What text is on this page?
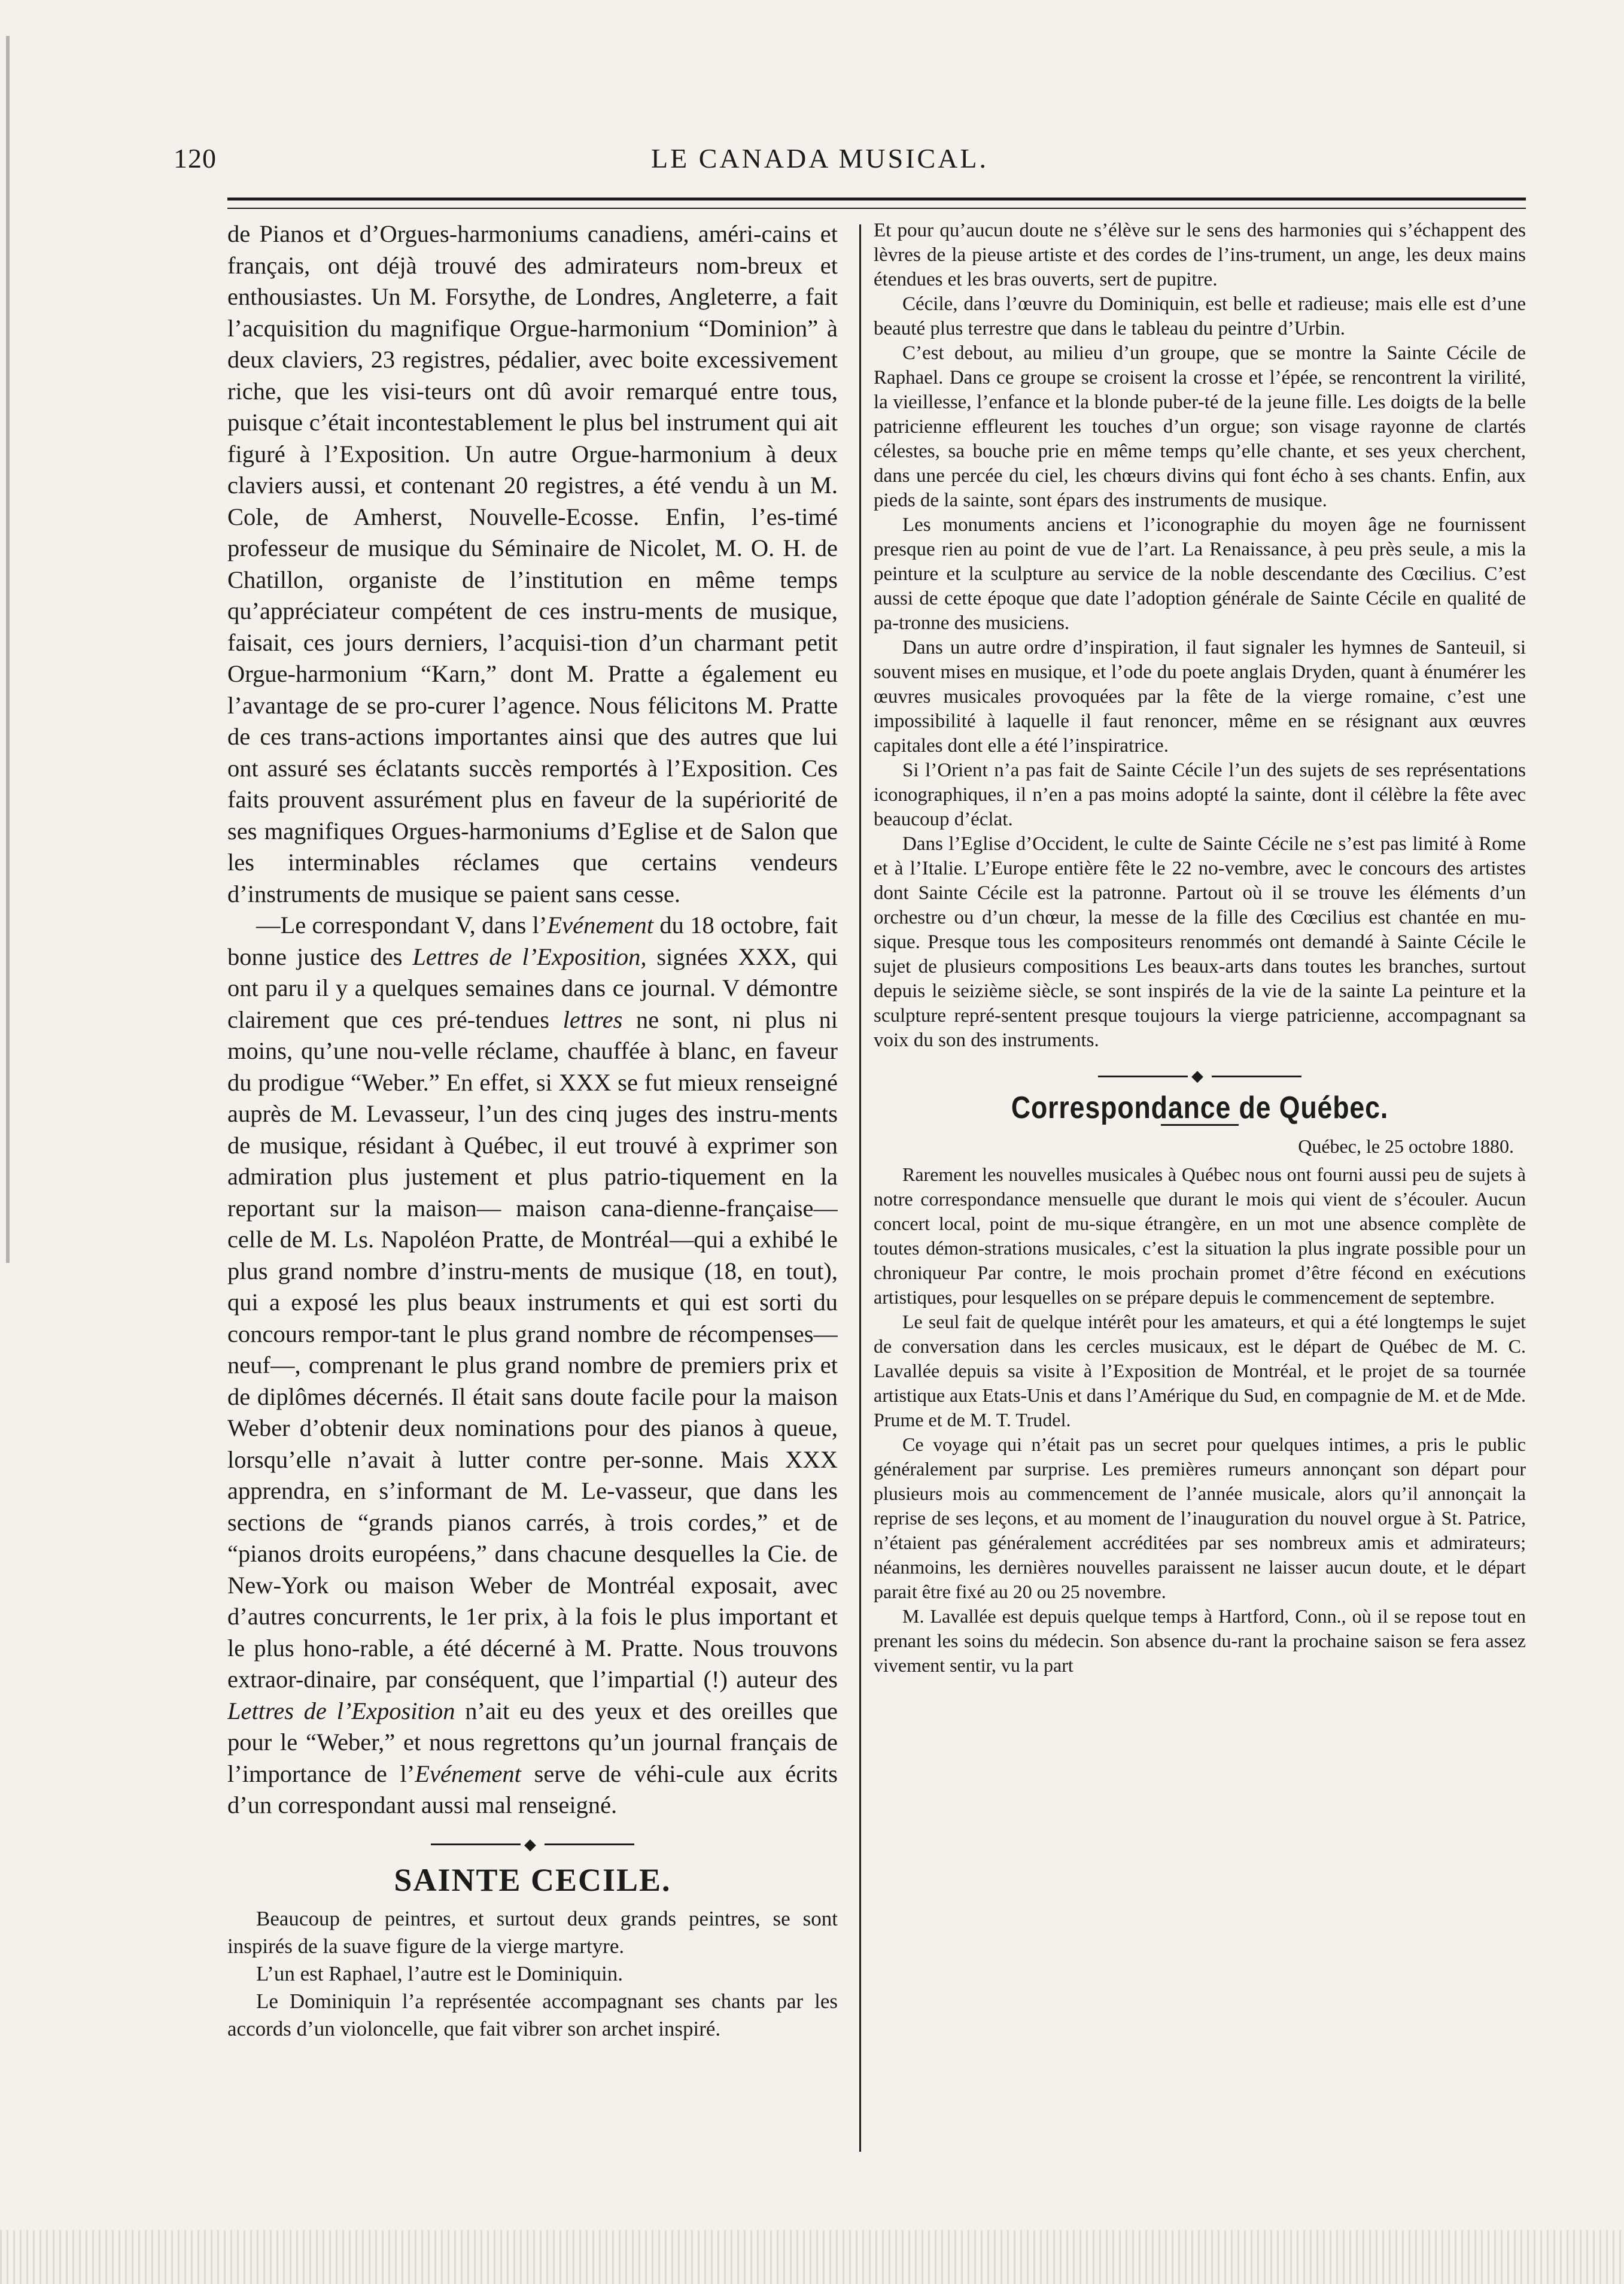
120	LE CANADA MUSICAL.

de Pianos et d’Orgues-harmoniums canadiens, améri-cains et français, ont déjà trouvé des admirateurs nom-breux et enthousiastes. Un M. Forsythe, de Londres, Angleterre, a fait l’acquisition du magnifique Orgue-harmonium “Dominion” à deux claviers, 23 registres, pédalier, avec boite excessivement riche, que les visi-teurs ont dû avoir remarqué entre tous, puisque c’était incontestablement le plus bel instrument qui ait figuré à l’Exposition. Un autre Orgue-harmonium à deux claviers aussi, et contenant 20 registres, a été vendu à un M. Cole, de Amherst, Nouvelle-Ecosse. Enfin, l’es-timé professeur de musique du Séminaire de Nicolet, M. O. H. de Chatillon, organiste de l’institution en même temps qu’appréciateur compétent de ces instru-ments de musique, faisait, ces jours derniers, l’acquisi-tion d’un charmant petit Orgue-harmonium “Karn,” dont M. Pratte a également eu l’avantage de se pro-curer l’agence. Nous félicitons M. Pratte de ces trans-actions importantes ainsi que des autres que lui ont assuré ses éclatants succès remportés à l’Exposition. Ces faits prouvent assurément plus en faveur de la supériorité de ses magnifiques Orgues-harmoniums d’Eglise et de Salon que les interminables réclames que certains vendeurs d’instruments de musique se paient sans cesse.

—Le correspondant V, dans l’Evénement du 18 octobre, fait bonne justice des Lettres de l’Exposition, signées XXX, qui ont paru il y a quelques semaines dans ce journal. V démontre clairement que ces pré-tendues lettres ne sont, ni plus ni moins, qu’une nou-velle réclame, chauffée à blanc, en faveur du prodigue “Weber.” En effet, si XXX se fut mieux renseigné auprès de M. Levasseur, l’un des cinq juges des instru-ments de musique, résidant à Québec, il eut trouvé à exprimer son admiration plus justement et plus patrio-tiquement en la reportant sur la maison— maison cana-dienne-française—celle de M. Ls. Napoléon Pratte, de Montréal—qui a exhibé le plus grand nombre d’instru-ments de musique (18, en tout), qui a exposé les plus beaux instruments et qui est sorti du concours rempor-tant le plus grand nombre de récompenses—neuf—, comprenant le plus grand nombre de premiers prix et de diplômes décernés. Il était sans doute facile pour la maison Weber d’obtenir deux nominations pour des pianos à queue, lorsqu’elle n’avait à lutter contre per-sonne. Mais XXX apprendra, en s’informant de M. Le-vasseur, que dans les sections de “grands pianos carrés, à trois cordes,” et de “pianos droits européens,” dans chacune desquelles la Cie. de New-York ou maison Weber de Montréal exposait, avec d’autres concurrents, le 1er prix, à la fois le plus important et le plus hono-rable, a été décerné à M. Pratte. Nous trouvons extraor-dinaire, par conséquent, que l’impartial (!) auteur des Lettres de l’Exposition n’ait eu des yeux et des oreilles que pour le “Weber,” et nous regrettons qu’un journal français de l’importance de l’Evénement serve de véhi-cule aux écrits d’un correspondant aussi mal renseigné.

◆
SAINTE CECILE.

Beaucoup de peintres, et surtout deux grands peintres, se sont inspirés de la suave figure de la vierge martyre.

L’un est Raphael, l’autre est le Dominiquin.

Le Dominiquin l’a représentée accompagnant ses chants par les accords d’un violoncelle, que fait vibrer son archet inspiré.

Et pour qu’aucun doute ne s’élève sur le sens des harmonies qui s’échappent des lèvres de la pieuse artiste et des cordes de l’ins-trument, un ange, les deux mains étendues et les bras ouverts, sert de pupitre.

Cécile, dans l’œuvre du Dominiquin, est belle et radieuse; mais elle est d’une beauté plus terrestre que dans le tableau du peintre d’Urbin.

C’est debout, au milieu d’un groupe, que se montre la Sainte Cécile de Raphael. Dans ce groupe se croisent la crosse et l’épée, se rencontrent la virilité, la vieillesse, l’enfance et la blonde puber-té de la jeune fille. Les doigts de la belle patricienne effleurent les touches d’un orgue; son visage rayonne de clartés célestes, sa bouche prie en même temps qu’elle chante, et ses yeux cherchent, dans une percée du ciel, les chœurs divins qui font écho à ses chants. Enfin, aux pieds de la sainte, sont épars des instruments de musique.

Les monuments anciens et l’iconographie du moyen âge ne fournissent presque rien au point de vue de l’art. La Renaissance, à peu près seule, a mis la peinture et la sculpture au service de la noble descendante des Cœcilius. C’est aussi de cette époque que date l’adoption générale de Sainte Cécile en qualité de pa-tronne des musiciens.

Dans un autre ordre d’inspiration, il faut signaler les hymnes de Santeuil, si souvent mises en musique, et l’ode du poete anglais Dryden, quant à énumérer les œuvres musicales provoquées par la fête de la vierge romaine, c’est une impossibilité à laquelle il faut renoncer, même en se résignant aux œuvres capitales dont elle a été l’inspiratrice.

Si l’Orient n’a pas fait de Sainte Cécile l’un des sujets de ses représentations iconographiques, il n’en a pas moins adopté la sainte, dont il célèbre la fête avec beaucoup d’éclat.

Dans l’Eglise d’Occident, le culte de Sainte Cécile ne s’est pas limité à Rome et à l’Italie. L’Europe entière fête le 22 no-vembre, avec le concours des artistes dont Sainte Cécile est la patronne. Partout où il se trouve les éléments d’un orchestre ou d’un chœur, la messe de la fille des Cœcilius est chantée en mu-sique. Presque tous les compositeurs renommés ont demandé à Sainte Cécile le sujet de plusieurs compositions Les beaux-arts dans toutes les branches, surtout depuis le seizième siècle, se sont inspirés de la vie de la sainte La peinture et la sculpture repré-sentent presque toujours la vierge patricienne, accompagnant sa voix du son des instruments.

◆
Correspondance de Québec.

Québec, le 25 octobre 1880.

Rarement les nouvelles musicales à Québec nous ont fourni aussi peu de sujets à notre correspondance mensuelle que durant le mois qui vient de s’écouler. Aucun concert local, point de mu-sique étrangère, en un mot une absence complète de toutes démon-strations musicales, c’est la situation la plus ingrate possible pour un chroniqueur Par contre, le mois prochain promet d’être fécond en exécutions artistiques, pour lesquelles on se prépare depuis le commencement de septembre.

Le seul fait de quelque intérêt pour les amateurs, et qui a été longtemps le sujet de conversation dans les cercles musicaux, est le départ de Québec de M. C. Lavallée depuis sa visite à l’Exposition de Montréal, et le projet de sa tournée artistique aux Etats-Unis et dans l’Amérique du Sud, en compagnie de M. et de Mde. Prume et de M. T. Trudel.

Ce voyage qui n’était pas un secret pour quelques intimes, a pris le public généralement par surprise. Les premières rumeurs annonçant son départ pour plusieurs mois au commencement de l’année musicale, alors qu’il annonçait la reprise de ses leçons, et au moment de l’inauguration du nouvel orgue à St. Patrice, n’étaient pas généralement accréditées par ses nombreux amis et admirateurs; néanmoins, les dernières nouvelles paraissent ne laisser aucun doute, et le départ parait être fixé au 20 ou 25 novembre.

M. Lavallée est depuis quelque temps à Hartford, Conn., où il se repose tout en prenant les soins du médecin. Son absence du-rant la prochaine saison se fera assez vivement sentir, vu la part
